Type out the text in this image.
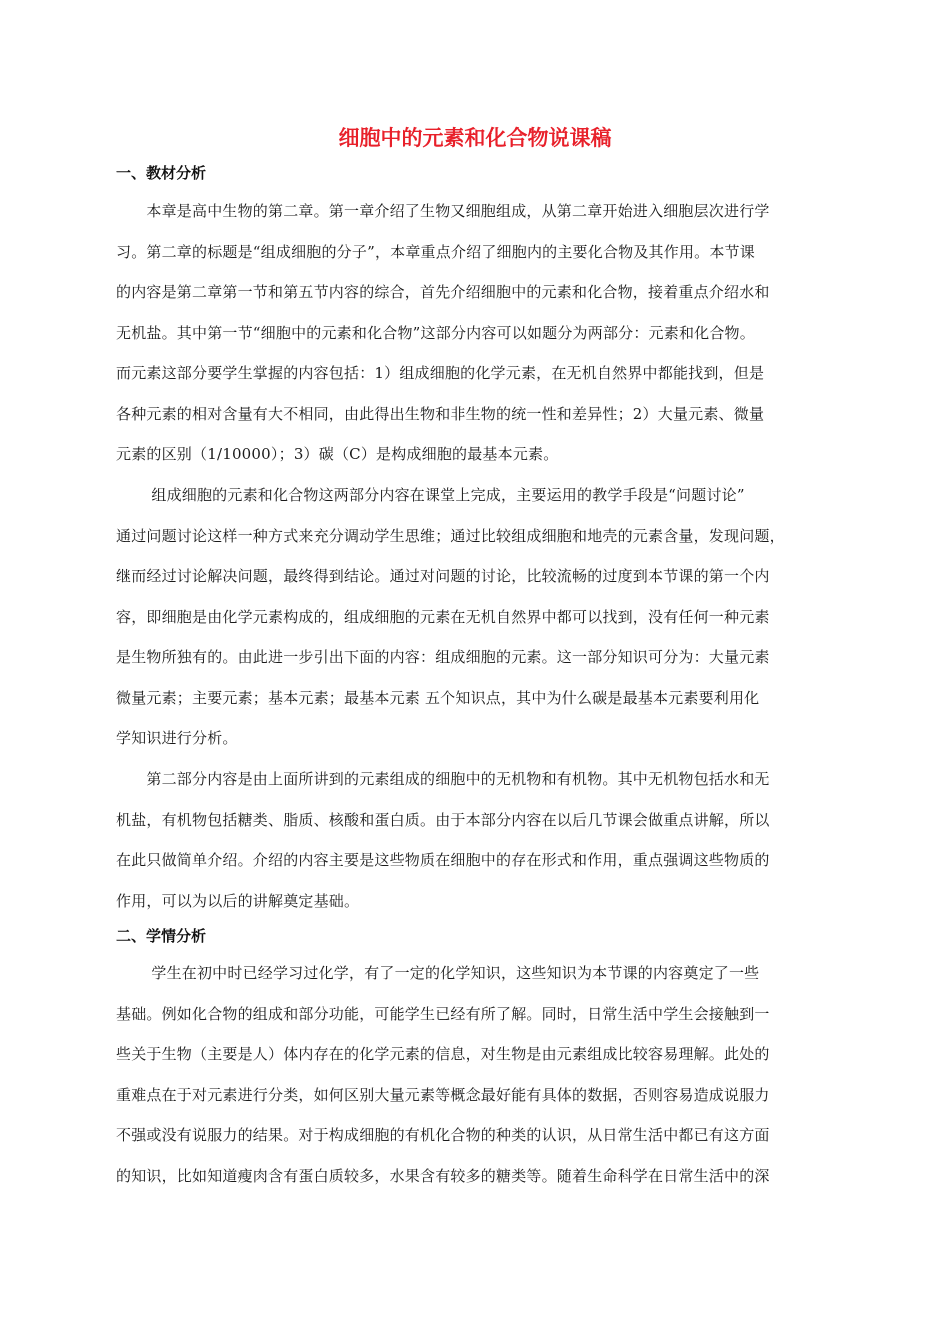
细胞中的元素和化合物说课稿
一、教材分析
　　本章是高中生物的第二章。第一章介绍了生物又细胞组成，从第二章开始进入细胞层次进行学
习。第二章的标题是“组成细胞的分子”，本章重点介绍了细胞内的主要化合物及其作用。本节课
的内容是第二章第一节和第五节内容的综合，首先介绍细胞中的元素和化合物，接着重点介绍水和
无机盐。其中第一节“细胞中的元素和化合物”这部分内容可以如题分为两部分：元素和化合物。
而元素这部分要学生掌握的内容包括：1）组成细胞的化学元素，在无机自然界中都能找到，但是
各种元素的相对含量有大不相同，由此得出生物和非生物的统一性和差异性；2）大量元素、微量
元素的区别（1/10000）；3）碳（C）是构成细胞的最基本元素。
　　 组成细胞的元素和化合物这两部分内容在课堂上完成，主要运用的教学手段是“问题讨论”
通过问题讨论这样一种方式来充分调动学生思维；通过比较组成细胞和地壳的元素含量，发现问题，
继而经过讨论解决问题，最终得到结论。通过对问题的讨论，比较流畅的过度到本节课的第一个内
容，即细胞是由化学元素构成的，组成细胞的元素在无机自然界中都可以找到，没有任何一种元素
是生物所独有的。由此进一步引出下面的内容：组成细胞的元素。这一部分知识可分为：大量元素
微量元素；主要元素；基本元素；最基本元素 五个知识点，其中为什么碳是最基本元素要利用化
学知识进行分析。
　　第二部分内容是由上面所讲到的元素组成的细胞中的无机物和有机物。其中无机物包括水和无
机盐，有机物包括糖类、脂质、核酸和蛋白质。由于本部分内容在以后几节课会做重点讲解，所以
在此只做简单介绍。介绍的内容主要是这些物质在细胞中的存在形式和作用，重点强调这些物质的
作用，可以为以后的讲解奠定基础。
二、学情分析
　　 学生在初中时已经学习过化学，有了一定的化学知识，这些知识为本节课的内容奠定了一些
基础。例如化合物的组成和部分功能，可能学生已经有所了解。同时，日常生活中学生会接触到一
些关于生物（主要是人）体内存在的化学元素的信息，对生物是由元素组成比较容易理解。此处的
重难点在于对元素进行分类，如何区别大量元素等概念最好能有具体的数据，否则容易造成说服力
不强或没有说服力的结果。对于构成细胞的有机化合物的种类的认识，从日常生活中都已有这方面
的知识，比如知道瘦肉含有蛋白质较多，水果含有较多的糖类等。随着生命科学在日常生活中的深
